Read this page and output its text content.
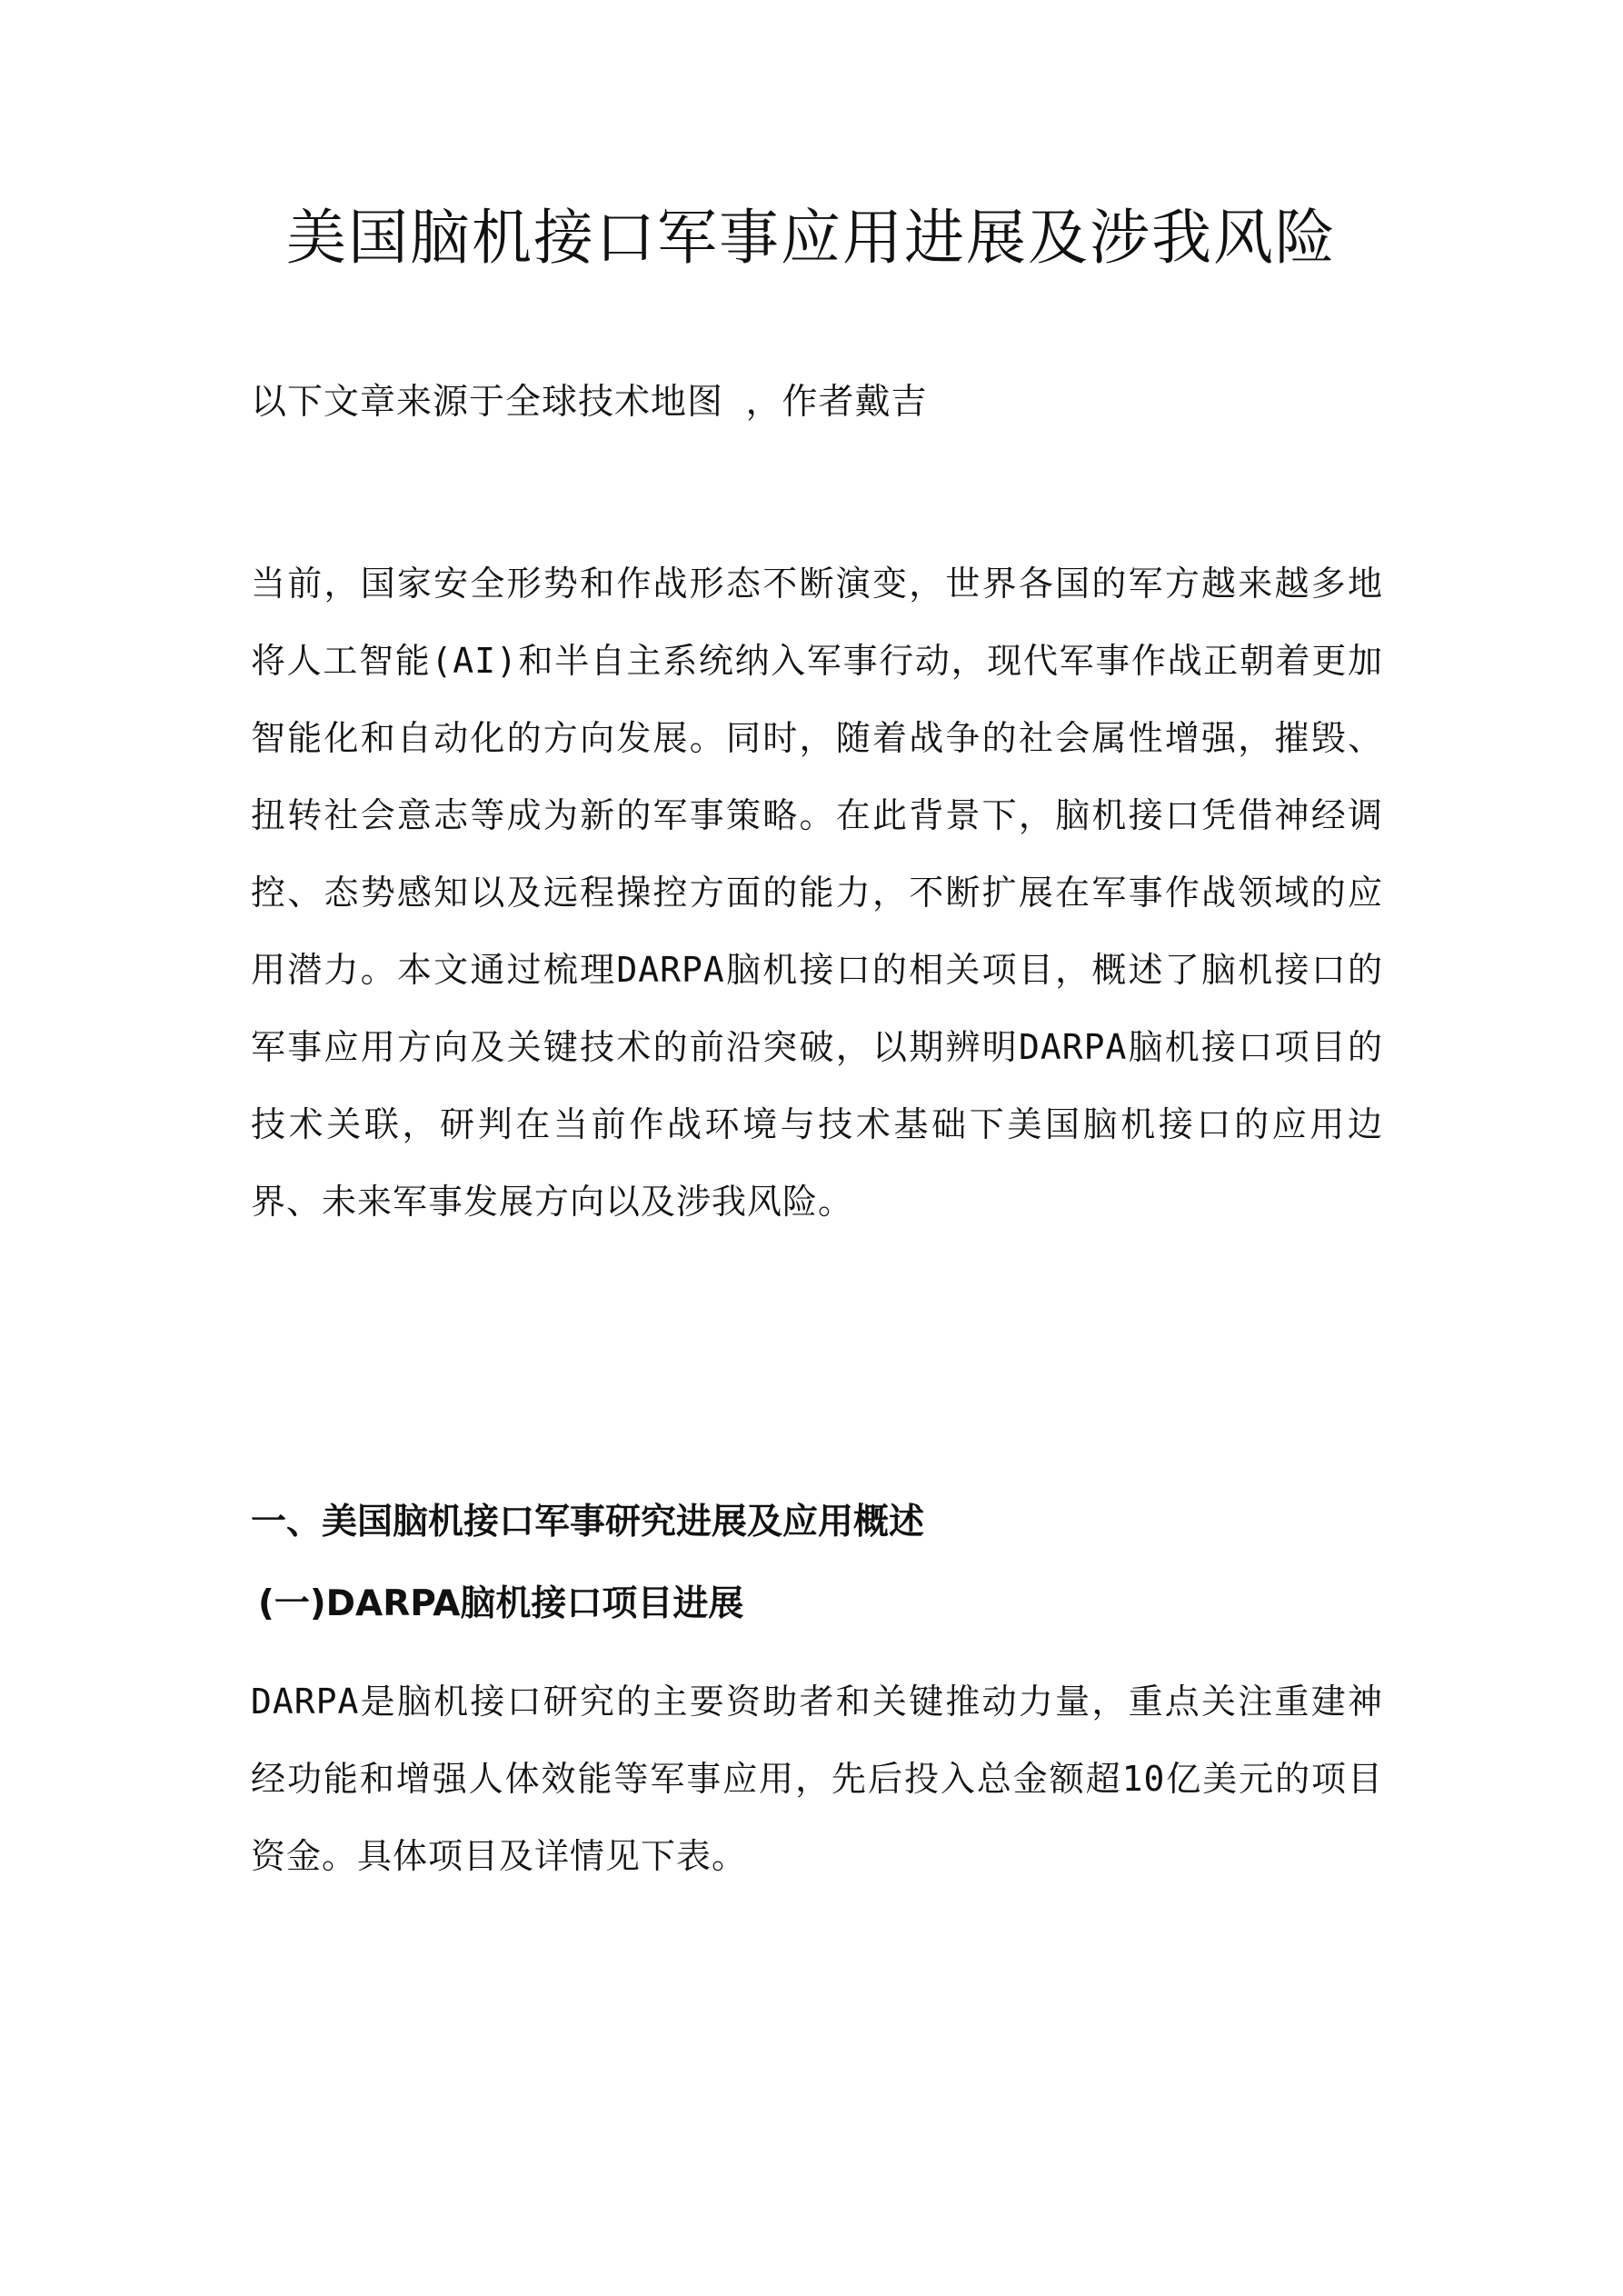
美国脑机接口军事应用进展及涉我风险
以下文章来源于全球技术地图 ，作者戴吉

当前，国家安全形势和作战形态不断演变，世界各国的军方越来越多地将人工智能(AI)和半自主系统纳入军事行动，现代军事作战正朝着更加智能化和自动化的方向发展。同时，随着战争的社会属性增强，摧毁、扭转社会意志等成为新的军事策略。在此背景下，脑机接口凭借神经调控、态势感知以及远程操控方面的能力，不断扩展在军事作战领域的应用潜力。本文通过梳理DARPA脑机接口的相关项目，概述了脑机接口的军事应用方向及关键技术的前沿突破，以期辨明DARPA脑机接口项目的技术关联，研判在当前作战环境与技术基础下美国脑机接口的应用边界、未来军事发展方向以及涉我风险。

一、美国脑机接口军事研究进展及应用概述
(一)DARPA脑机接口项目进展

DARPA是脑机接口研究的主要资助者和关键推动力量，重点关注重建神经功能和增强人体效能等军事应用，先后投入总金额超10亿美元的项目资金。具体项目及详情见下表。
